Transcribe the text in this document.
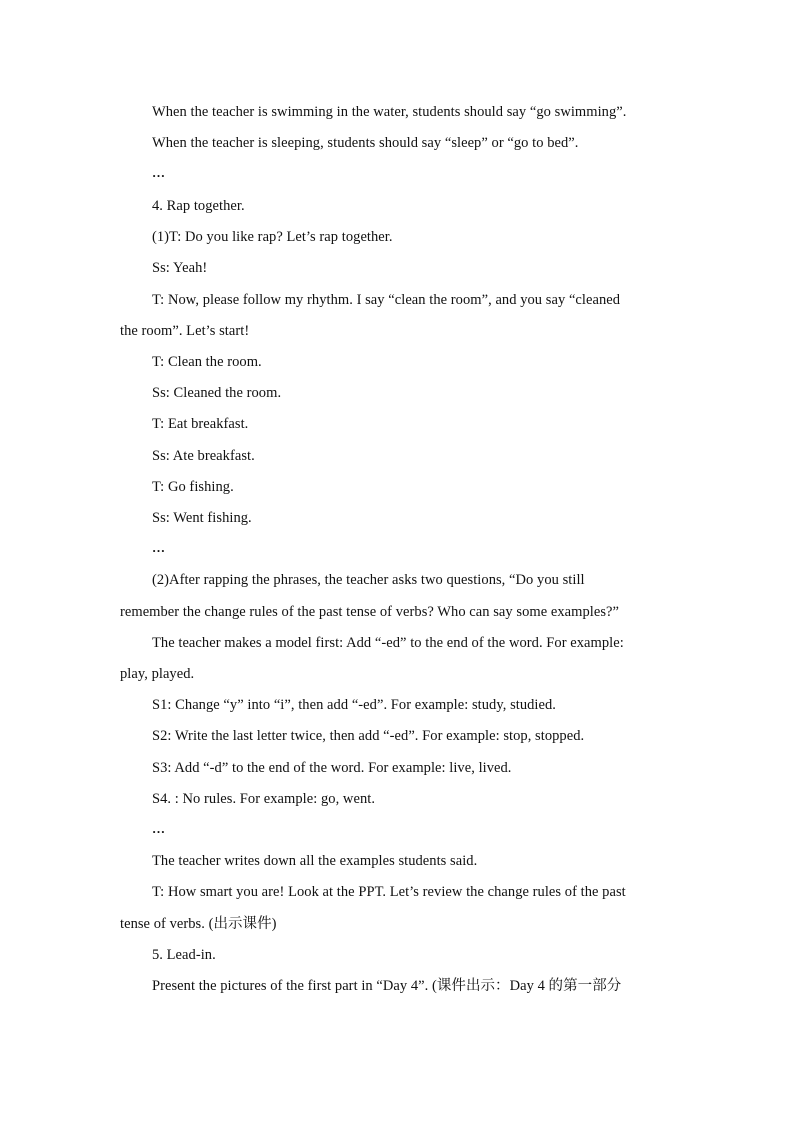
When the teacher is swimming in the water, students should say “go swimming”.
When the teacher is sleeping, students should say “sleep” or “go to bed”.
…
4. Rap together.
(1)T: Do you like rap? Let’s rap together.
Ss: Yeah!
T: Now, please follow my rhythm. I say “clean the room”, and you say “cleaned
the room”. Let’s start!
T: Clean the room.
Ss: Cleaned the room.
T: Eat breakfast.
Ss: Ate breakfast.
T: Go fishing.
Ss: Went fishing.
…
(2)After rapping the phrases, the teacher asks two questions, “Do you still
remember the change rules of the past tense of verbs? Who can say some examples?”
The teacher makes a model first: Add “-ed” to the end of the word. For example:
play, played.
S1: Change “y” into “i”, then add “-ed”. For example: study, studied.
S2: Write the last letter twice, then add “-ed”. For example: stop, stopped.
S3: Add “-d” to the end of the word. For example: live, lived.
S4. : No rules. For example: go, went.
…
The teacher writes down all the examples students said.
T: How smart you are! Look at the PPT. Let’s review the change rules of the past
tense of verbs. (出示课件)
5. Lead-in.
Present the pictures of the first part in “Day 4”. (课件出示：Day 4 的第一部分
